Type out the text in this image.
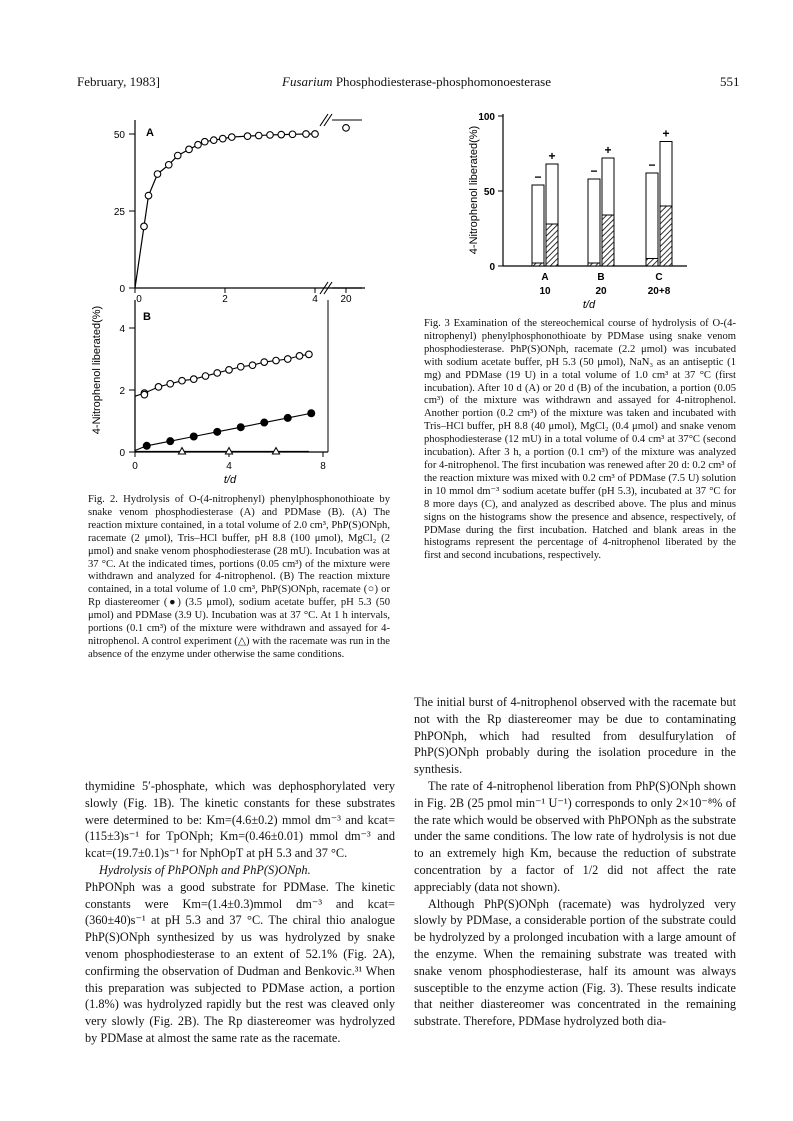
February, 1983]	Fusarium Phosphodiesterase-phosphomonoesterase	551
A
50
25
0
0	2	4 20
B
4
2
0
0	4	8
4-Nitrophenol liberated(%)
t/d
Fig. 2. Hydrolysis of O-(4-nitrophenyl) phenylphosphonothioate by snake venom phosphodiesterase (A) and PDMase (B). (A) The reaction mixture contained, in a total volume of 2.0 cm³, PhP(S)ONph, racemate (2 μmol), Tris–HCl buffer, pH 8.8 (100 μmol), MgCl₂ (2 μmol) and snake venom phosphodiesterase (28 mU). Incubation was at 37 °C. At the indicated times, portions (0.05 cm³) of the mixture were withdrawn and analyzed for 4-nitrophenol. (B) The reaction mixture contained, in a total volume of 1.0 cm³, PhP(S)ONph, racemate (○) or Rp diastereomer (●) (3.5 μmol), sodium acetate buffer, pH 5.3 (50 μmol) and PDMase (3.9 U). Incubation was at 37 °C. At 1 h intervals, portions (0.1 cm³) of the mixture were withdrawn and assayed for 4-nitrophenol. A control experiment (△) with the racemate was run in the absence of the enzyme under otherwise the same conditions.

thymidine 5′-phosphate, which was dephosphorylated very slowly (Fig. 1B). The kinetic constants for these substrates were determined to be: Km=(4.6±0.2) mmol dm⁻³ and kcat=(115±3)s⁻¹ for TpONph; Km=(0.46±0.01) mmol dm⁻³ and kcat=(19.7±0.1)s⁻¹ for NphOpT at pH 5.3 and 37 °C.

Hydrolysis of PhPONph and PhP(S)ONph.

PhPONph was a good substrate for PDMase. The kinetic constants were Km=(1.4±0.3)mmol dm⁻³ and kcat=(360±40)s⁻¹ at pH 5.3 and 37 °C. The chiral thio analogue PhP(S)ONph synthesized by us was hydrolyzed by snake venom phosphodiesterase to an extent of 52.1% (Fig. 2A), confirming the observation of Dudman and Benkovic.³¹ When this preparation was subjected to PDMase action, a portion (1.8%) was hydrolyzed rapidly but the rest was cleaved only very slowly (Fig. 2B). The Rp diastereomer was hydrolyzed by PDMase at almost the same rate as the racemate.

100
50
0
−
+
A
10
−
+
B
20
−
+
C
20+8
4-Nitrophenol liberated(%)
t/d
Fig. 3 Examination of the stereochemical course of hydrolysis of O-(4-nitrophenyl) phenylphosphonothioate by PDMase using snake venom phosphodiesterase. PhP(S)ONph, racemate (2.2 μmol) was incubated with sodium acetate buffer, pH 5.3 (50 μmol), NaN₃ as an antiseptic (1 mg) and PDMase (19 U) in a total volume of 1.0 cm³ at 37 °C (first incubation). After 10 d (A) or 20 d (B) of the incubation, a portion (0.05 cm³) of the mixture was withdrawn and assayed for 4-nitrophenol. Another portion (0.2 cm³) of the mixture was taken and incubated with Tris–HCl buffer, pH 8.8 (40 μmol), MgCl₂ (0.4 μmol) and snake venom phosphodiesterase (12 mU) in a total volume of 0.4 cm³ at 37°C (second incubation). After 3 h, a portion (0.1 cm³) of the mixture was analyzed for 4-nitrophenol. The first incubation was renewed after 20 d: 0.2 cm³ of the reaction mixture was mixed with 0.2 cm³ of PDMase (7.5 U) solution in 10 mmol dm⁻³ sodium acetate buffer (pH 5.3), incubated at 37 °C for 8 more days (C), and analyzed as described above. The plus and minus signs on the histograms show the presence and absence, respectively, of PDMase during the first incubation. Hatched and blank areas in the histograms represent the percentage of 4-nitrophenol liberated by the first and second incubations, respectively.

The initial burst of 4-nitrophenol observed with the racemate but not with the Rp diastereomer may be due to contaminating PhPONph, which had resulted from desulfurylation of PhP(S)ONph probably during the isolation procedure in the synthesis.

The rate of 4-nitrophenol liberation from PhP(S)ONph shown in Fig. 2B (25 pmol min⁻¹ U⁻¹) corresponds to only 2×10⁻⁸% of the rate which would be observed with PhPONph as the substrate under the same conditions. The low rate of hydrolysis is not due to an extremely high Km, because the reduction of substrate concentration by a factor of 1/2 did not affect the rate appreciably (data not shown).

Although PhP(S)ONph (racemate) was hydrolyzed very slowly by PDMase, a considerable portion of the substrate could be hydrolyzed by a prolonged incubation with a large amount of the enzyme. When the remaining substrate was treated with snake venom phosphodiesterase, half its amount was always susceptible to the enzyme action (Fig. 3). These results indicate that neither diastereomer was concentrated in the remaining substrate. Therefore, PDMase hydrolyzed both dia-
